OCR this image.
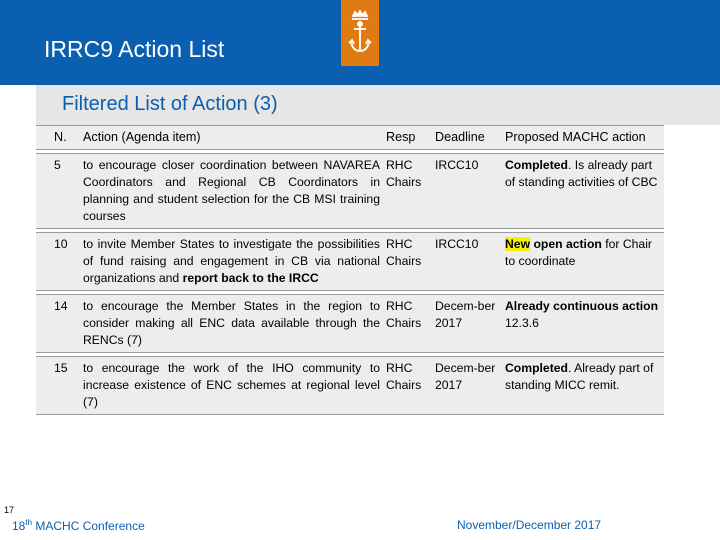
IRRC9 Action List
Filtered List of Action (3)
N.	Action (Agenda item)	Resp	Deadline	Proposed MACHC action

5	to encourage closer coordination between NAVAREA Coordinators and Regional CB Coordinators in planning and student selection for the CB MSI training courses	RHC Chairs	IRCC10	Completed. Is already part of standing activities of CBC

10	to invite Member States to investigate the possibilities of fund raising and engagement in CB via national organizations and report back to the IRCC	RHC Chairs	IRCC10	New open action for Chair to coordinate

14	to encourage the Member States in the region to consider making all ENC data available through the RENCs (7)	RHC Chairs	Decem-ber 2017	Already continuous action 12.3.6

15	to encourage the work of the IHO community to increase existence of ENC schemes at regional level (7)	RHC Chairs	Decem-ber 2017	Completed. Already part of standing MICC remit.
17
18th MACHC Conference	November/December 2017
